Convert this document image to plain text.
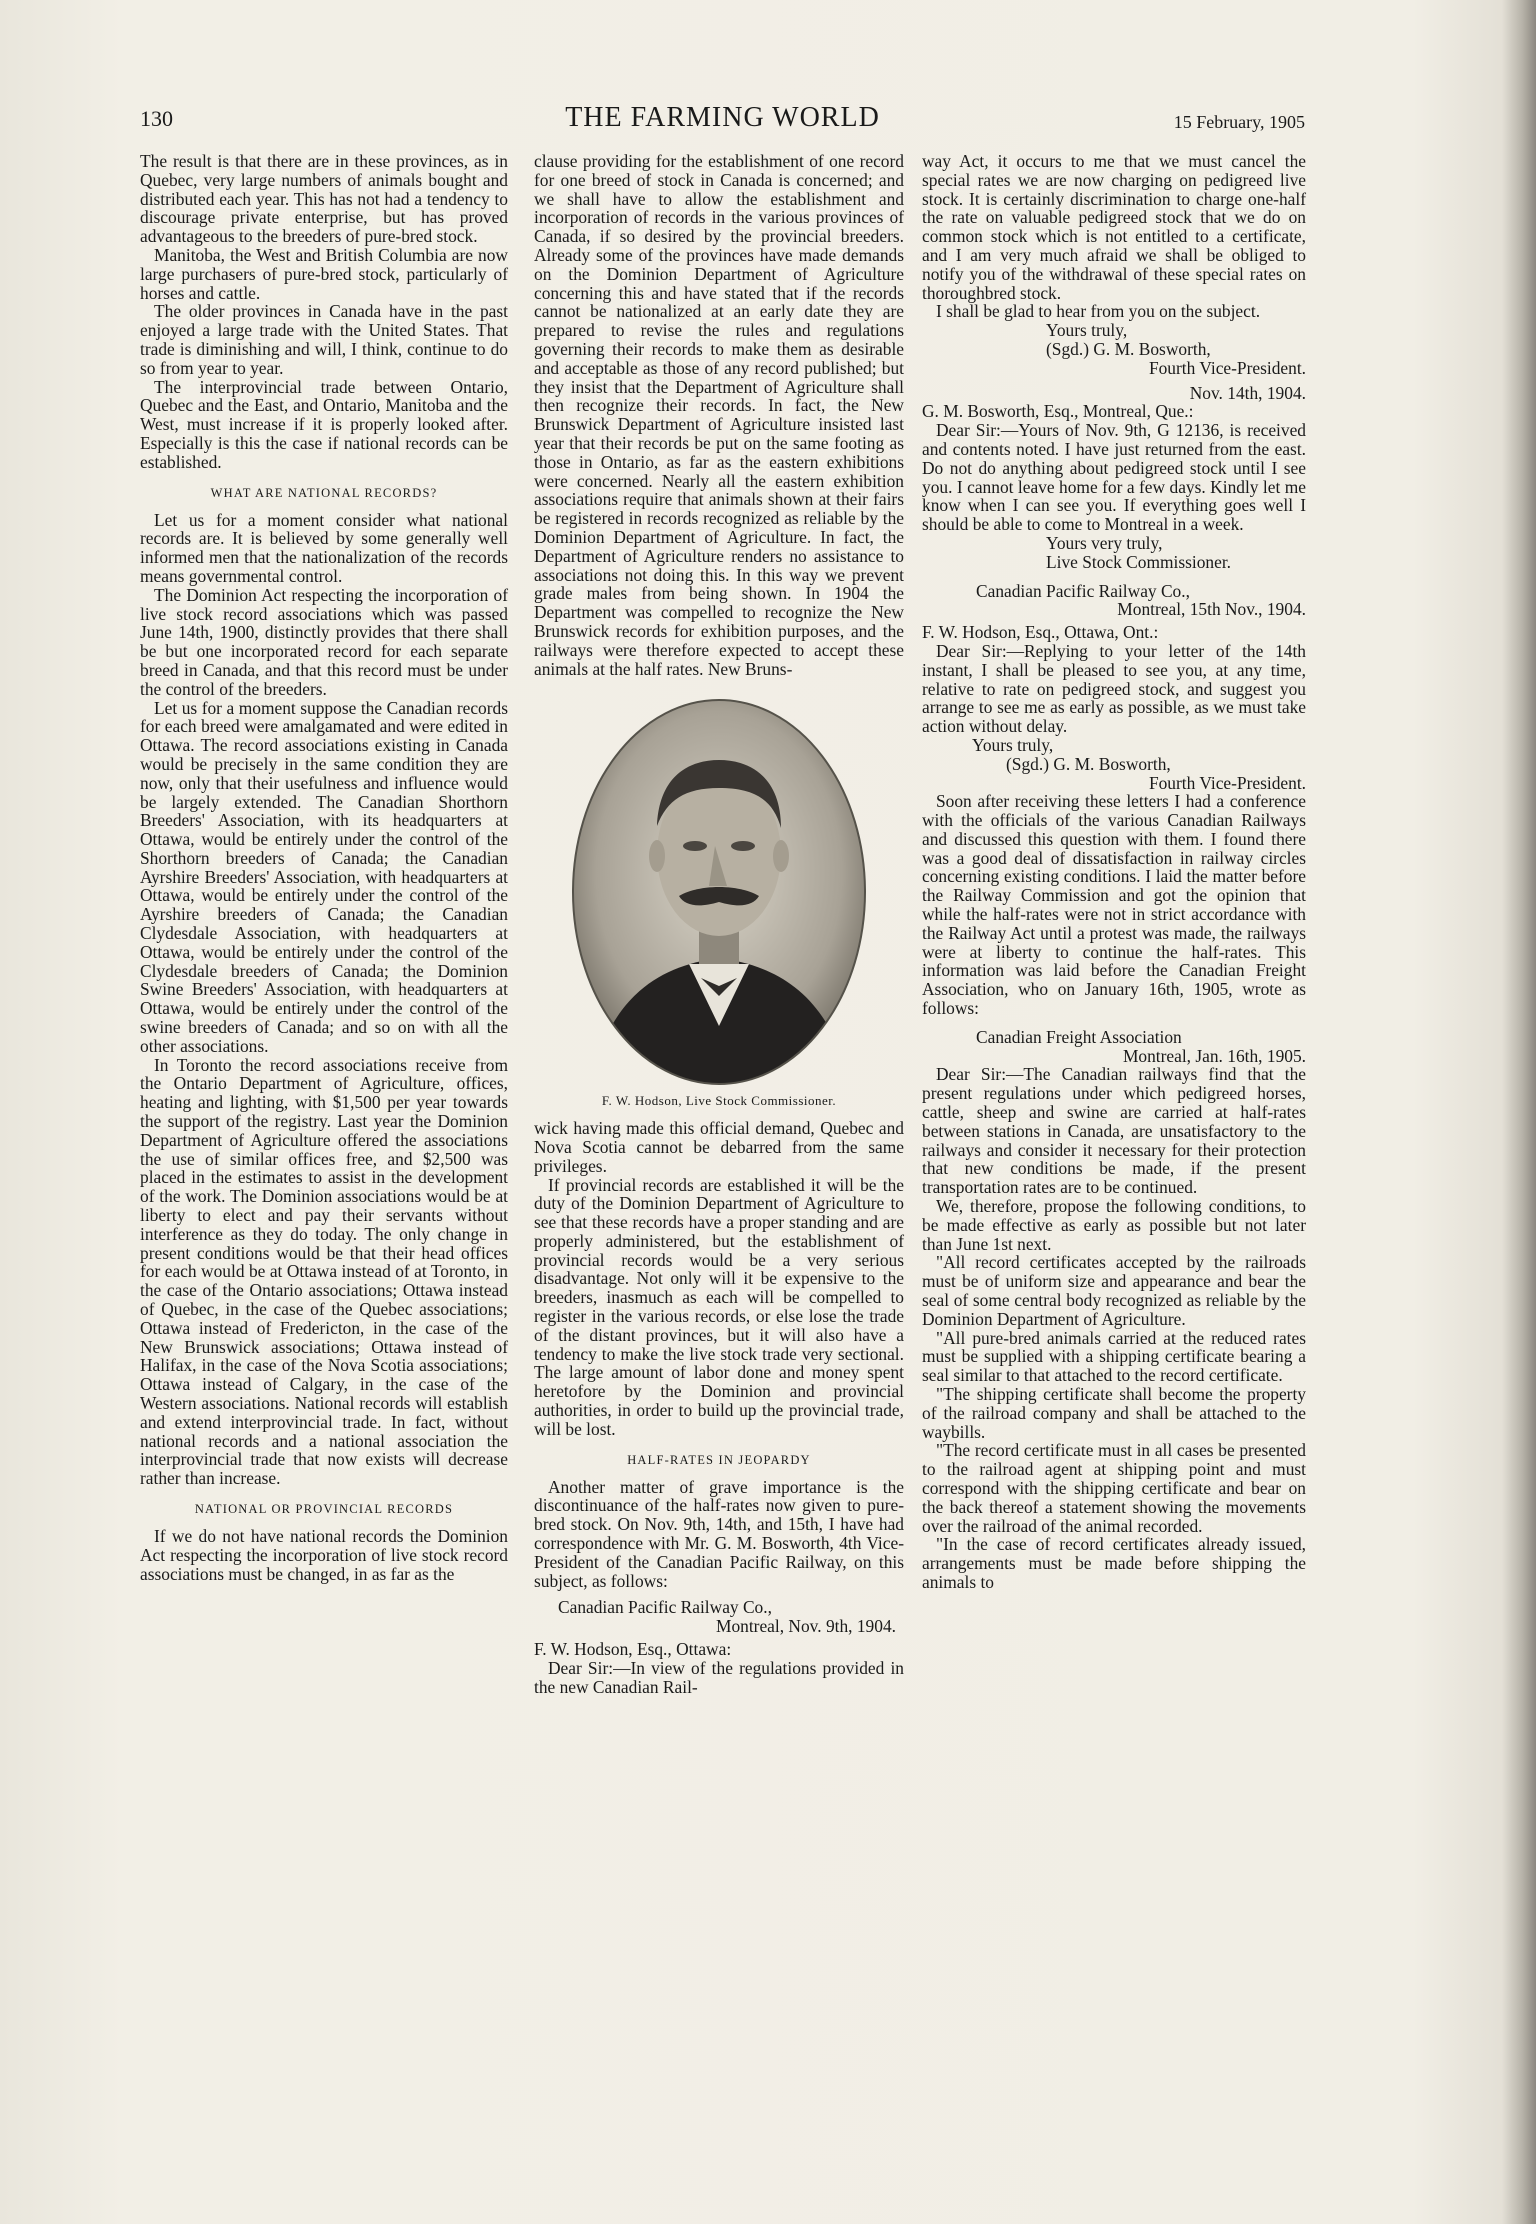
130	THE FARMING WORLD	15 February, 1905

The result is that there are in these provinces, as in Quebec, very large numbers of animals bought and distributed each year. This has not had a tendency to discourage private enterprise, but has proved advantageous to the breeders of pure-bred stock.

Manitoba, the West and British Columbia are now large purchasers of pure-bred stock, particularly of horses and cattle.

The older provinces in Canada have in the past enjoyed a large trade with the United States. That trade is diminishing and will, I think, continue to do so from year to year.

The interprovincial trade between Ontario, Quebec and the East, and Ontario, Manitoba and the West, must increase if it is properly looked after. Especially is this the case if national records can be established.

WHAT ARE NATIONAL RECORDS?

Let us for a moment consider what national records are. It is believed by some generally well informed men that the nationalization of the records means governmental control.

The Dominion Act respecting the incorporation of live stock record associations which was passed June 14th, 1900, distinctly provides that there shall be but one incorporated record for each separate breed in Canada, and that this record must be under the control of the breeders.

Let us for a moment suppose the Canadian records for each breed were amalgamated and were edited in Ottawa. The record associations existing in Canada would be precisely in the same condition they are now, only that their usefulness and influence would be largely extended. The Canadian Shorthorn Breeders' Association, with its headquarters at Ottawa, would be entirely under the control of the Shorthorn breeders of Canada; the Canadian Ayrshire Breeders' Association, with headquarters at Ottawa, would be entirely under the control of the Ayrshire breeders of Canada; the Canadian Clydesdale Association, with headquarters at Ottawa, would be entirely under the control of the Clydesdale breeders of Canada; the Dominion Swine Breeders' Association, with headquarters at Ottawa, would be entirely under the control of the swine breeders of Canada; and so on with all the other associations.

In Toronto the record associations receive from the Ontario Department of Agriculture, offices, heating and lighting, with $1,500 per year towards the support of the registry. Last year the Dominion Department of Agriculture offered the associations the use of similar offices free, and $2,500 was placed in the estimates to assist in the development of the work. The Dominion associations would be at liberty to elect and pay their servants without interference as they do today. The only change in present conditions would be that their head offices for each would be at Ottawa instead of at Toronto, in the case of the Ontario associations; Ottawa instead of Quebec, in the case of the Quebec associations; Ottawa instead of Fredericton, in the case of the New Brunswick associations; Ottawa instead of Halifax, in the case of the Nova Scotia associations; Ottawa instead of Calgary, in the case of the Western associations. National records will establish and extend interprovincial trade. In fact, without national records and a national association the interprovincial trade that now exists will decrease rather than increase.

NATIONAL OR PROVINCIAL RECORDS

If we do not have national records the Dominion Act respecting the incorporation of live stock record associations must be changed, in as far as the

clause providing for the establishment of one record for one breed of stock in Canada is concerned; and we shall have to allow the establishment and incorporation of records in the various provinces of Canada, if so desired by the provincial breeders. Already some of the provinces have made demands on the Dominion Department of Agriculture concerning this and have stated that if the records cannot be nationalized at an early date they are prepared to revise the rules and regulations governing their records to make them as desirable and acceptable as those of any record published; but they insist that the Department of Agriculture shall then recognize their records. In fact, the New Brunswick Department of Agriculture insisted last year that their records be put on the same footing as those in Ontario, as far as the eastern exhibitions were concerned. Nearly all the eastern exhibition associations require that animals shown at their fairs be registered in records recognized as reliable by the Dominion Department of Agriculture. In fact, the Department of Agriculture renders no assistance to associations not doing this. In this way we prevent grade males from being shown. In 1904 the Department was compelled to recognize the New Brunswick records for exhibition purposes, and the railways were therefore expected to accept these animals at the half rates. New Bruns-

F. W. Hodson, Live Stock Commissioner.

wick having made this official demand, Quebec and Nova Scotia cannot be debarred from the same privileges.

If provincial records are established it will be the duty of the Dominion Department of Agriculture to see that these records have a proper standing and are properly administered, but the establishment of provincial records would be a very serious disadvantage. Not only will it be expensive to the breeders, inasmuch as each will be compelled to register in the various records, or else lose the trade of the distant provinces, but it will also have a tendency to make the live stock trade very sectional. The large amount of labor done and money spent heretofore by the Dominion and provincial authorities, in order to build up the provincial trade, will be lost.

HALF-RATES IN JEOPARDY

Another matter of grave importance is the discontinuance of the half-rates now given to pure-bred stock. On Nov. 9th, 14th, and 15th, I have had correspondence with Mr. G. M. Bosworth, 4th Vice-President of the Canadian Pacific Railway, on this subject, as follows:

Canadian Pacific Railway Co.,

Montreal, Nov. 9th, 1904.

F. W. Hodson, Esq., Ottawa:

Dear Sir:—In view of the regulations provided in the new Canadian Rail-

way Act, it occurs to me that we must cancel the special rates we are now charging on pedigreed live stock. It is certainly discrimination to charge one-half the rate on valuable pedigreed stock that we do on common stock which is not entitled to a certificate, and I am very much afraid we shall be obliged to notify you of the withdrawal of these special rates on thoroughbred stock.

I shall be glad to hear from you on the subject.

Yours truly,

(Sgd.) G. M. Bosworth,

Fourth Vice-President.

Nov. 14th, 1904.

G. M. Bosworth, Esq., Montreal, Que.:

Dear Sir:—Yours of Nov. 9th, G 12136, is received and contents noted. I have just returned from the east. Do not do anything about pedigreed stock until I see you. I cannot leave home for a few days. Kindly let me know when I can see you. If everything goes well I should be able to come to Montreal in a week.

Yours very truly,

Live Stock Commissioner.

Canadian Pacific Railway Co.,

Montreal, 15th Nov., 1904.

F. W. Hodson, Esq., Ottawa, Ont.:

Dear Sir:—Replying to your letter of the 14th instant, I shall be pleased to see you, at any time, relative to rate on pedigreed stock, and suggest you arrange to see me as early as possible, as we must take action without delay.

Yours truly,

(Sgd.) G. M. Bosworth,

Fourth Vice-President.

Soon after receiving these letters I had a conference with the officials of the various Canadian Railways and discussed this question with them. I found there was a good deal of dissatisfaction in railway circles concerning existing conditions. I laid the matter before the Railway Commission and got the opinion that while the half-rates were not in strict accordance with the Railway Act until a protest was made, the railways were at liberty to continue the half-rates. This information was laid before the Canadian Freight Association, who on January 16th, 1905, wrote as follows:

Canadian Freight Association

Montreal, Jan. 16th, 1905.

Dear Sir:—The Canadian railways find that the present regulations under which pedigreed horses, cattle, sheep and swine are carried at half-rates between stations in Canada, are unsatisfactory to the railways and consider it necessary for their protection that new conditions be made, if the present transportation rates are to be continued.

We, therefore, propose the following conditions, to be made effective as early as possible but not later than June 1st next.

"All record certificates accepted by the railroads must be of uniform size and appearance and bear the seal of some central body recognized as reliable by the Dominion Department of Agriculture.

"All pure-bred animals carried at the reduced rates must be supplied with a shipping certificate bearing a seal similar to that attached to the record certificate.

"The shipping certificate shall become the property of the railroad company and shall be attached to the waybills.

"The record certificate must in all cases be presented to the railroad agent at shipping point and must correspond with the shipping certificate and bear on the back thereof a statement showing the movements over the railroad of the animal recorded.

"In the case of record certificates already issued, arrangements must be made before shipping the animals to
